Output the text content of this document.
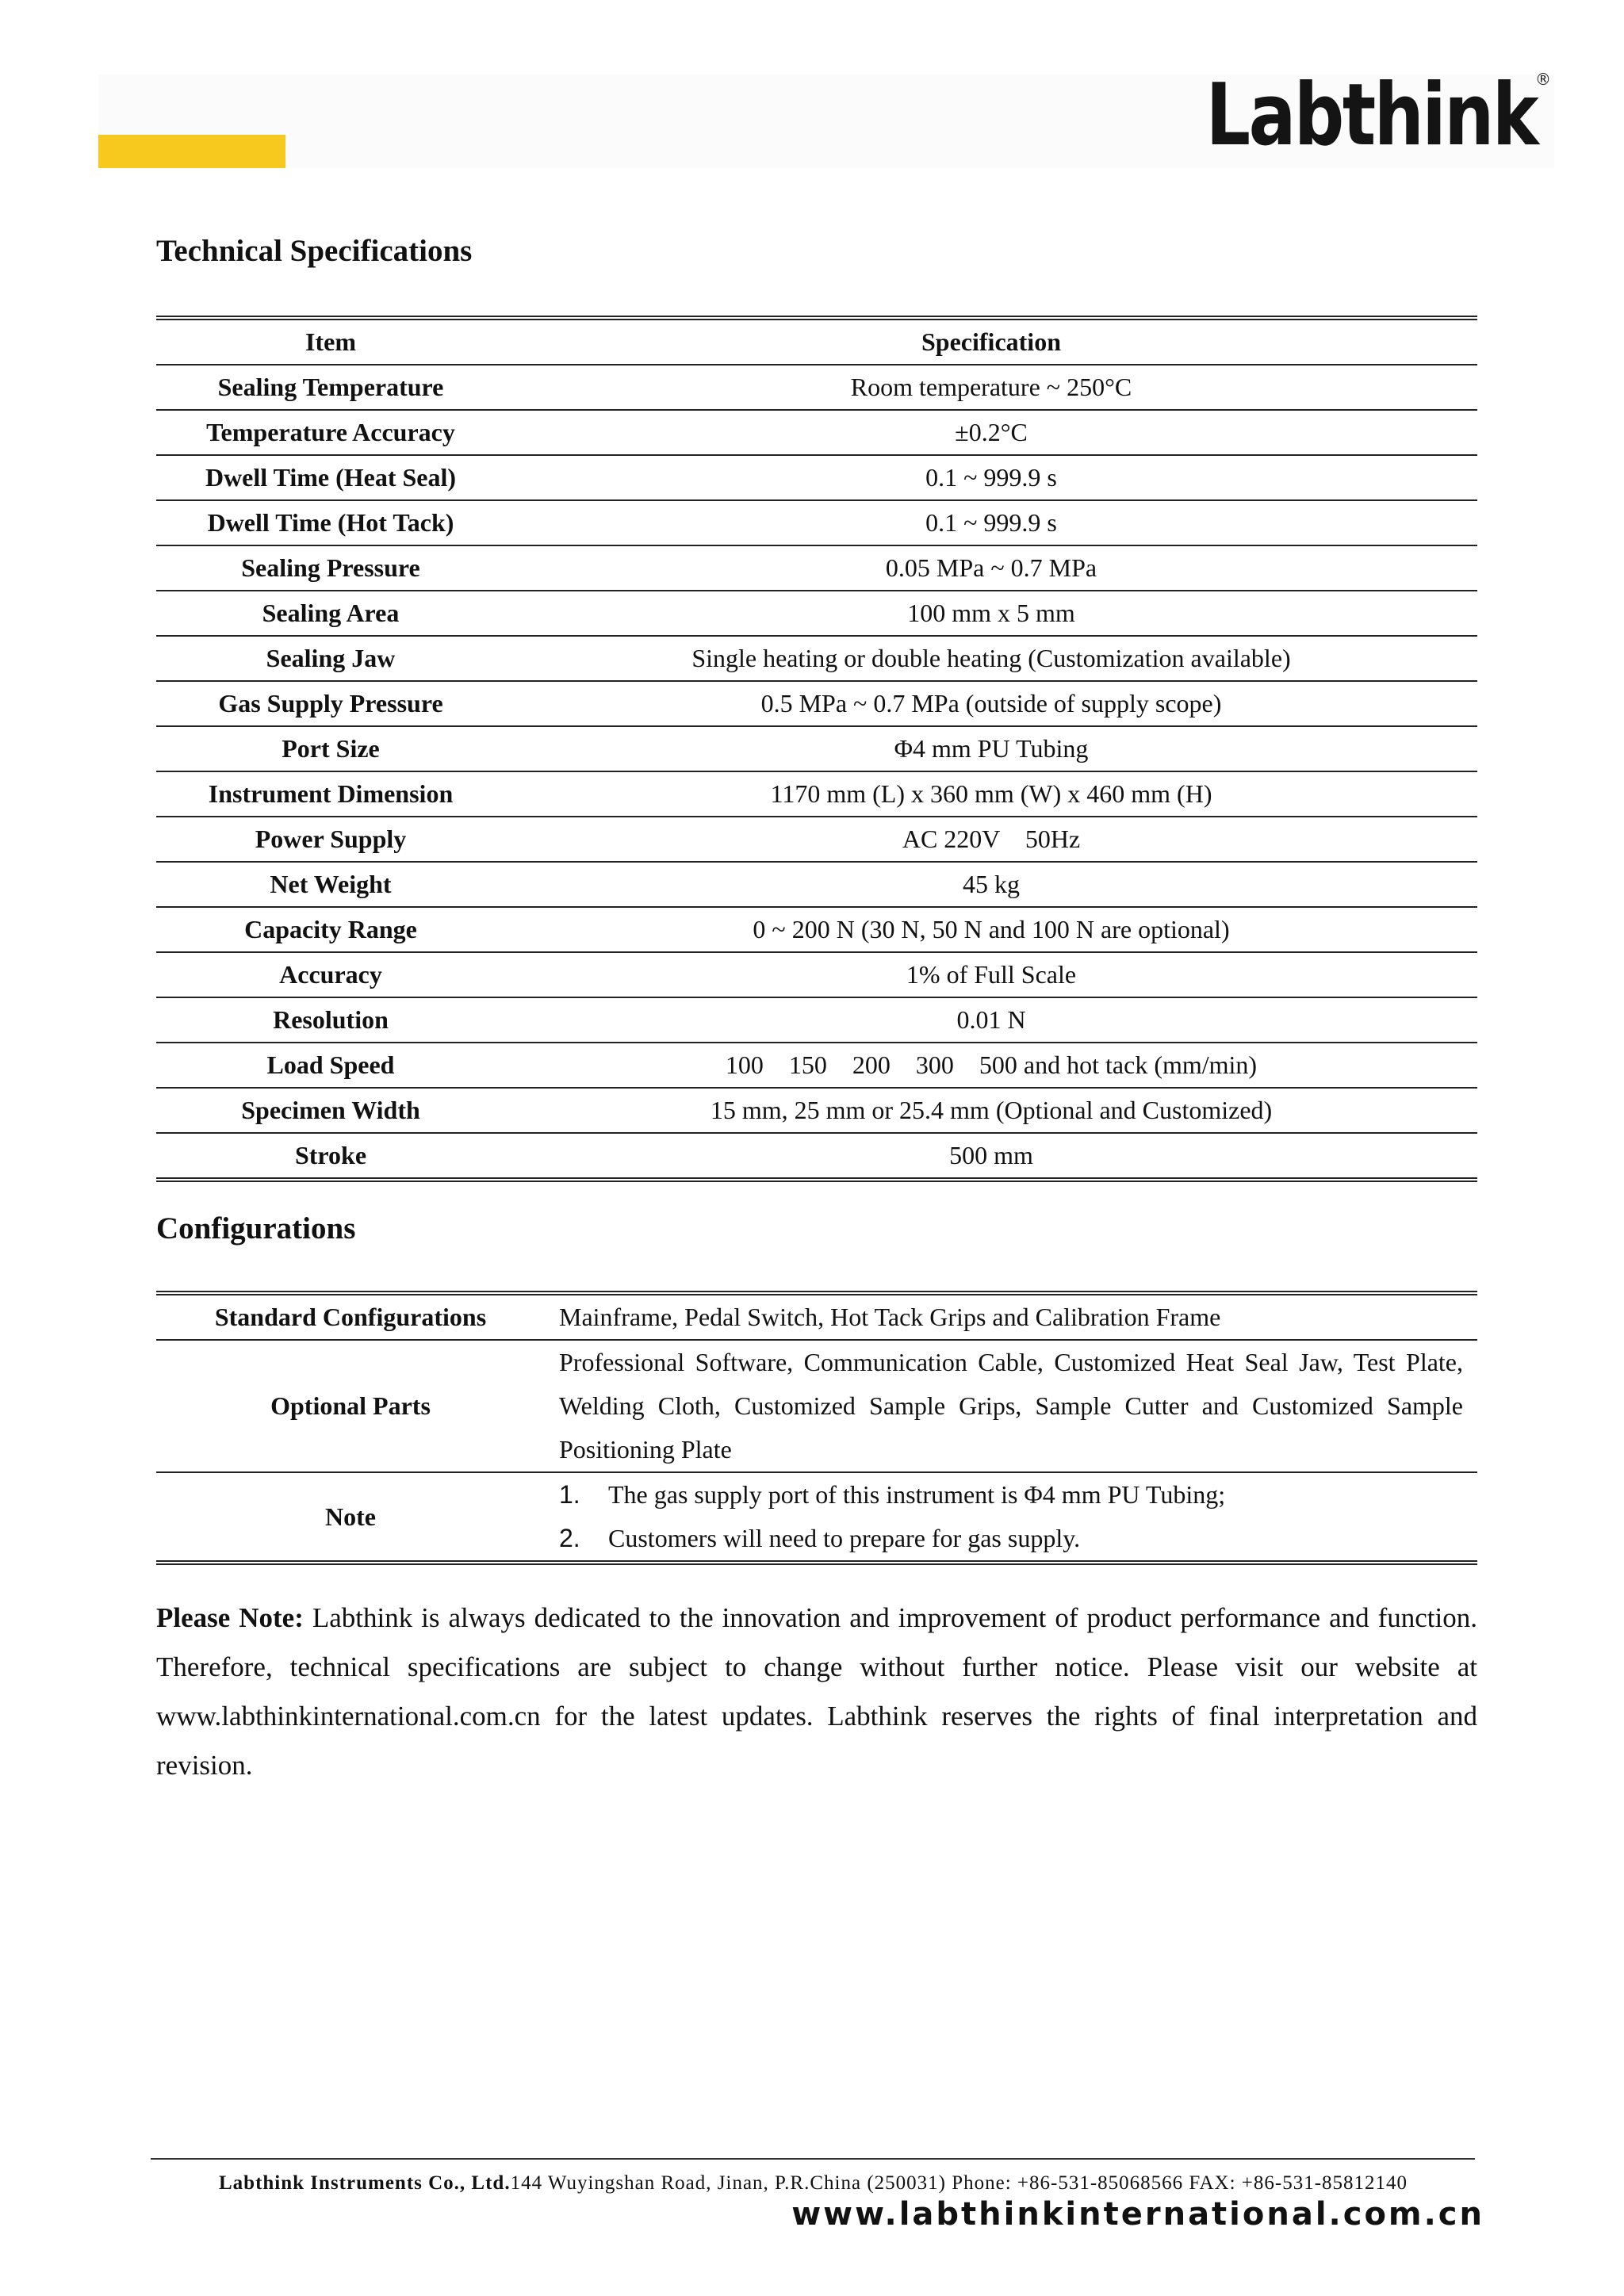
Labthink
®
Technical Specifications
Item	Specification
Sealing Temperature	Room temperature ~ 250°C
Temperature Accuracy	±0.2°C
Dwell Time (Heat Seal)	0.1 ~ 999.9 s
Dwell Time (Hot Tack)	0.1 ~ 999.9 s
Sealing Pressure	0.05 MPa ~ 0.7 MPa
Sealing Area	100 mm x 5 mm
Sealing Jaw	Single heating or double heating (Customization available)
Gas Supply Pressure	0.5 MPa ~ 0.7 MPa (outside of supply scope)
Port Size	Φ4 mm PU Tubing
Instrument Dimension	1170 mm (L) x 360 mm (W) x 460 mm (H)
Power Supply	AC 220V    50Hz
Net Weight	45 kg
Capacity Range	0 ~ 200 N (30 N, 50 N and 100 N are optional)
Accuracy	1% of Full Scale
Resolution	0.01 N
Load Speed	100    150    200    300    500 and hot tack (mm/min)
Specimen Width	15 mm, 25 mm or 25.4 mm (Optional and Customized)
Stroke	500 mm
Configurations
Standard Configurations	Mainframe, Pedal Switch, Hot Tack Grips and Calibration Frame
Optional Parts	Professional Software, Communication Cable, Customized Heat Seal Jaw, Test Plate, Welding Cloth, Customized Sample Grips, Sample Cutter and Customized Sample Positioning Plate
Note	1. The gas supply port of this instrument is Φ4 mm PU Tubing;
2. Customers will need to prepare for gas supply.

Please Note: Labthink is always dedicated to the innovation and improvement of product performance and function. Therefore, technical specifications are subject to change without further notice. Please visit our website at www.labthinkinternational.com.cn for the latest updates. Labthink reserves the rights of final interpretation and revision.

Labthink Instruments Co., Ltd.144 Wuyingshan Road, Jinan, P.R.China (250031) Phone: +86-531-85068566 FAX: +86-531-85812140
www.labthinkinternational.com.cn
